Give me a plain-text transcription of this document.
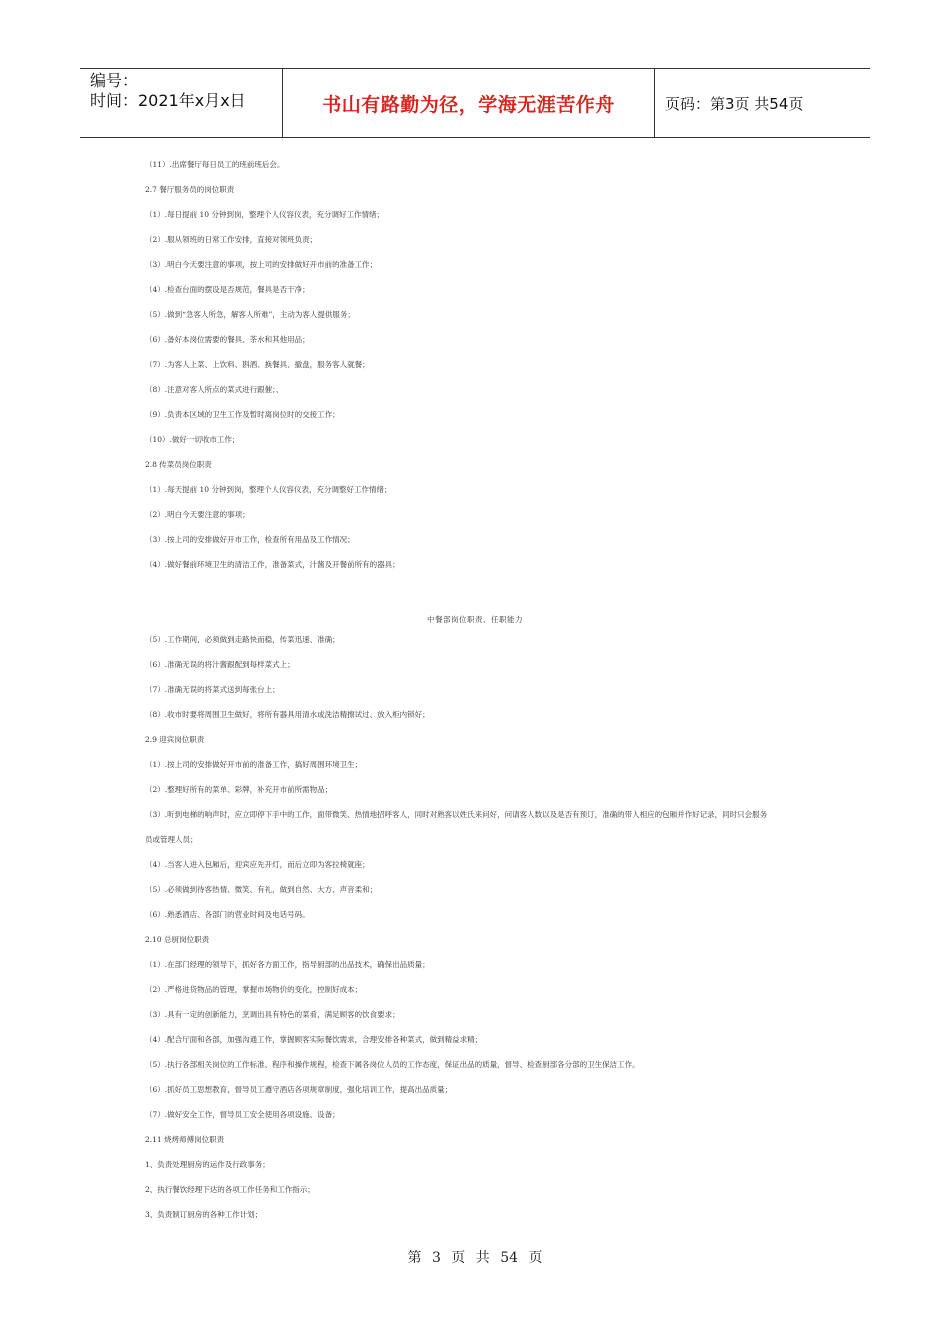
编号：
时间：2021年x月x日	书山有路勤为径，学海无涯苦作舟	页码：第3页 共54页
（11）.出席餐厅每日员工的班前班后会。
2.7 餐厅服务员的岗位职责
（1）.每日提前 10 分钟到岗，整理个人仪容仪表，充分调好工作情绪；
（2）.服从领班的日常工作安排，直接对领班负责；
（3）.明白今天要注意的事项，按上司的安排做好开市前的准备工作；
（4）.检查台面的摆设是否规范，餐具是否干净；
（5）.做到“急客人所急，解客人所难”，主动为客人提供服务；
（6）.备好本岗位需要的餐具、茶水和其他用品；
（7）.为客人上菜、上饮料、斟酒、换餐具、撤盘，服务客人就餐；
（8）.注意对客人所点的菜式进行跟催；、
（9）.负责本区域的卫生工作及暂时离岗位时的交接工作；
（10）.做好一切收市工作；
2.8 传菜员岗位职责
（1）.每天提前 10 分钟到岗，整理个人仪容仪表，充分调整好工作情绪；
（2）.明白今天要注意的事项；
（3）.按上司的安排做好开市工作，检查所有用品及工作情况；
（4）.做好餐前环境卫生的清洁工作，准备菜式，汁酱及开餐前所有的器具；
中餐部岗位职责、任职能力
（5）.工作期间，必须做到走路快而稳，传菜迅速、准确；
（6）.准确无误的将汁酱跟配到每样菜式上；
（7）.准确无误的将菜式送到每张台上；
（8）.收市时要将周围卫生做好，将所有器具用清水或洗洁精擦试过、放入柜内锁好；
2.9 迎宾岗位职责
（1）.按上司的安排做好开市前的准备工作，搞好周围环境卫生；
（2）.整理好所有的菜单、彩牌，补充开市前所需物品；
（3）.听到电梯的响声时，应立即停下手中的工作，面带微笑、热情地招呼客人，同时对熟客以姓氏来问好，问请客人数以及是否有预订，准确的带人相应的包厢并作好记录，同时只会服务
员或管理人员；
（4）.当客人进入包厢后，迎宾应先开灯，而后立即为客拉椅就座；
（5）.必须做到待客热情、微笑、有礼，做到自然、大方、声音柔和；
（6）.熟悉酒店、各部门的营业时间及电话号码。
2.10 总厨岗位职责
（1）.在部门经理的领导下，抓好各方面工作，指导厨部的出品技术，确保出品质量；
（2）.严格进货物品的管理，掌握市场物价的变化，控制好成本；
（3）.具有一定的创新能力，烹调出具有特色的菜肴，满足顾客的饮食要求；
（4）.配合厅面和各部，加强沟通工作，掌握顾客实际餐饮需求，合理安排各种菜式，做到精益求精；
（5）.执行各部相关岗位的工作标准、程序和操作规程，检查下属各岗位人员的工作态度，保证出品的质量，督导、检查厨部各分部的卫生保洁工作。
（6）.抓好员工思想教育，督导员工遵守酒店各项规章制度，强化培训工作，提高出品质量；
（7）.做好安全工作，督导员工安全使用各项设施、设备；
2.11 烧烤师傅岗位职责
1、负责处理厨房的运作及行政事务；
2、执行餐饮经理下达的各项工作任务和工作指示；
3、负责制订厨房的各种工作计划；
第 3 页 共 54 页
